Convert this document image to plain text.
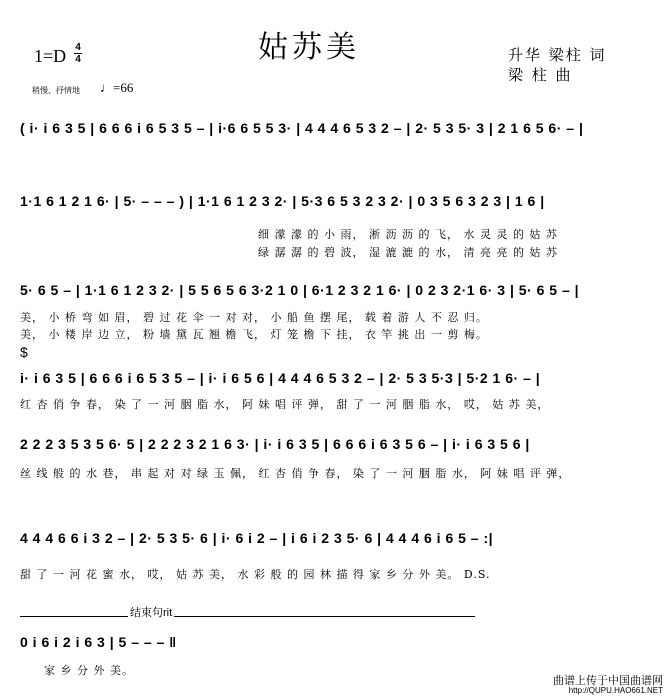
姑苏美
1=D 4
4
稍慢、抒情地 ♩=66
升华 梁柱 词
梁 柱 曲
( i· i 6 3 5 | 6 6 6 i 6 5 3 5 – | i·6 6 5 5 3· | 4 4 4 6 5 3 2 – | 2· 5 3 5· 3 | 2 1 6 5 6· – |
1·1 6 1 2 1 6· | 5· – – – ) | 1·1 6 1 2 3 2· | 5·3 6 5 3 2 3 2· | 0 3 5 6 3 2 3 | 1 6 |
细 濛 濛 的 小 雨， 淅 沥 沥 的 飞， 水 灵 灵 的 姑 苏
绿 潺 潺 的 碧 波， 湿 漉 漉 的 水， 清 亮 亮 的 姑 苏
5· 6 5 – | 1·1 6 1 2 3 2· | 5 5 6 5 6 3·2 1 0 | 6·1 2 3 2 1 6· | 0 2 3 2·1 6· 3 | 5· 6 5 – |
美， 小 桥 弯 如 眉， 碧 过 花 伞 一 对 对， 小 船 鱼 摆 尾， 载 着 游 人 不 忍 归。
美， 小 楼 岸 边 立， 粉 墙 黛 瓦 翘 檐 飞， 灯 笼 檐 下 挂， 衣 竿 挑 出 一 剪 梅。
$
i· i 6 3 5 | 6 6 6 i 6 5 3 5 – | i· i 6 5 6 | 4 4 4 6 5 3 2 – | 2· 5 3 5·3 | 5·2 1 6· – |
红 杏 俏 争 春， 染 了 一 河 胭 脂 水， 阿 妹 唱 评 弹， 甜 了 一 河 胭 脂 水， 哎， 姑 苏 美，
2 2 2 3 5 3 5 6· 5 | 2 2 2 3 2 1 6 3· | i· i 6 3 5 | 6 6 6 i 6 3 5 6 – | i· i 6 3 5 6 |
丝 线 般 的 水 巷， 串 起 对 对 绿 玉 佩， 红 杏 俏 争 春， 染 了 一 河 胭 脂 水， 阿 妹 唱 评 弹，
4 4 4 6 6 i 3 2 – | 2· 5 3 5· 6 | i· 6 i 2 – | i 6 i 2 3 5· 6 | 4 4 4 6 i 6 5 – :|
甜 了 一 河 花 蜜 水， 哎， 姑 苏 美， 水 彩 般 的 园 林 描 得 家 乡 分 外 美。 D.S.
结束句rit
0 i 6 i 2 i 6 3 | 5 – – – ‖
家 乡 分 外 美。
曲谱上传于中国曲谱网
http://QUPU.HAO661.NET
